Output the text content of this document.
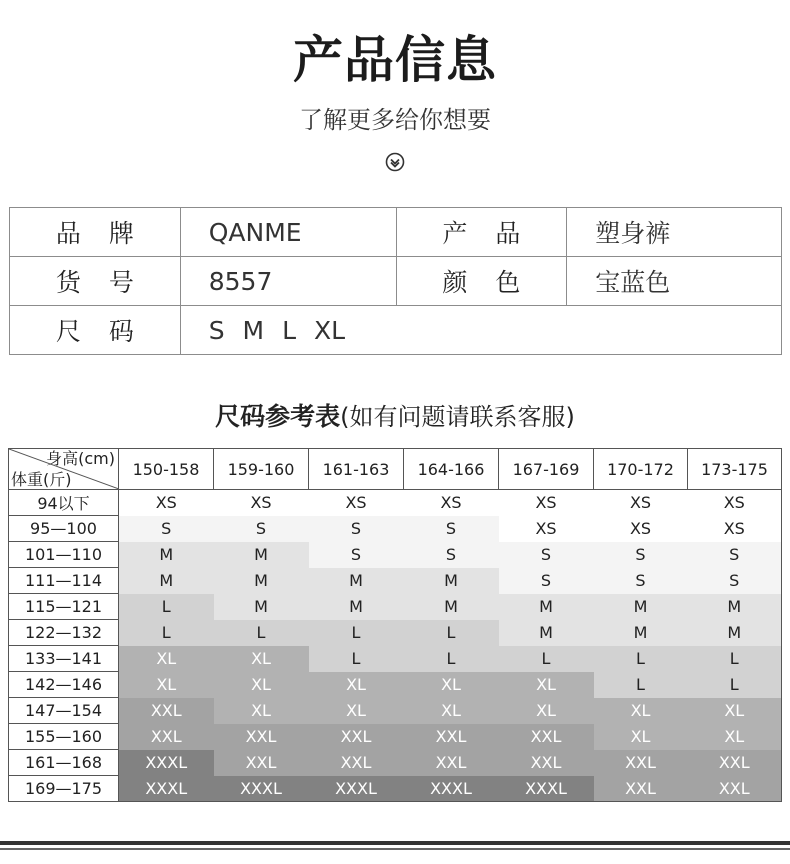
产品信息
了解更多给你想要
品 牌	QANME	产 品	塑身裤
货 号	8557	颜 色	宝蓝色
尺 码	S M L XL		
尺码参考表(如有问题请联系客服)
身高(cm)
体重(斤)	150-158	159-160	161-163	164-166	167-169	170-172	173-175
94以下	XS	XS	XS	XS	XS	XS	XS
95—100	S	S	S	S	XS	XS	XS
101—110	M	M	S	S	S	S	S
111—114	M	M	M	M	S	S	S
115—121	L	M	M	M	M	M	M
122—132	L	L	L	L	M	M	M
133—141	XL	XL	L	L	L	L	L
142—146	XL	XL	XL	XL	XL	L	L
147—154	XXL	XL	XL	XL	XL	XL	XL
155—160	XXL	XXL	XXL	XXL	XXL	XL	XL
161—168	XXXL	XXL	XXL	XXL	XXL	XXL	XXL
169—175	XXXL	XXXL	XXXL	XXXL	XXXL	XXL	XXL
